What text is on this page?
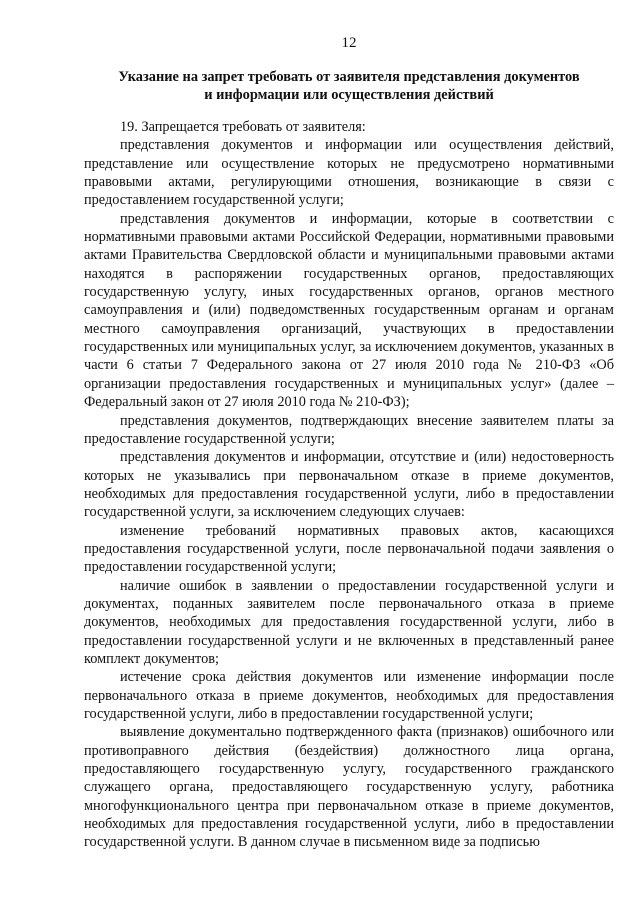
12
Указание на запрет требовать от заявителя представления документов
и информации или осуществления действий

19. Запрещается требовать от заявителя:

представления документов и информации или осуществления действий, представление или осуществление которых не предусмотрено нормативными правовыми актами, регулирующими отношения, возникающие в связи с предоставлением государственной услуги;

представления документов и информации, которые в соответствии с нормативными правовыми актами Российской Федерации, нормативными правовыми актами Правительства Свердловской области и муниципальными правовыми актами находятся в распоряжении государственных органов, предоставляющих государственную услугу, иных государственных органов, органов местного самоуправления и (или) подведомственных государственным органам и органам местного самоуправления организаций, участвующих в предоставлении государственных или муниципальных услуг, за исключением документов, указанных в части 6 статьи 7 Федерального закона от 27 июля 2010 года № 210-ФЗ «Об организации предоставления государственных и муниципальных услуг» (далее – Федеральный закон от 27 июля 2010 года № 210-ФЗ);

представления документов, подтверждающих внесение заявителем платы за предоставление государственной услуги;

представления документов и информации, отсутствие и (или) недостоверность которых не указывались при первоначальном отказе в приеме документов, необходимых для предоставления государственной услуги, либо в предоставлении государственной услуги, за исключением следующих случаев:

изменение требований нормативных правовых актов, касающихся предоставления государственной услуги, после первоначальной подачи заявления о предоставлении государственной услуги;

наличие ошибок в заявлении о предоставлении государственной услуги и документах, поданных заявителем после первоначального отказа в приеме документов, необходимых для предоставления государственной услуги, либо в предоставлении государственной услуги и не включенных в представленный ранее комплект документов;

истечение срока действия документов или изменение информации после первоначального отказа в приеме документов, необходимых для предоставления государственной услуги, либо в предоставлении государственной услуги;

выявление документально подтвержденного факта (признаков) ошибочного или противоправного действия (бездействия) должностного лица органа, предоставляющего государственную услугу, государственного гражданского служащего органа, предоставляющего государственную услугу, работника многофункционального центра при первоначальном отказе в приеме документов, необходимых для предоставления государственной услуги, либо в предоставлении государственной услуги. В данном случае в письменном виде за подписью
